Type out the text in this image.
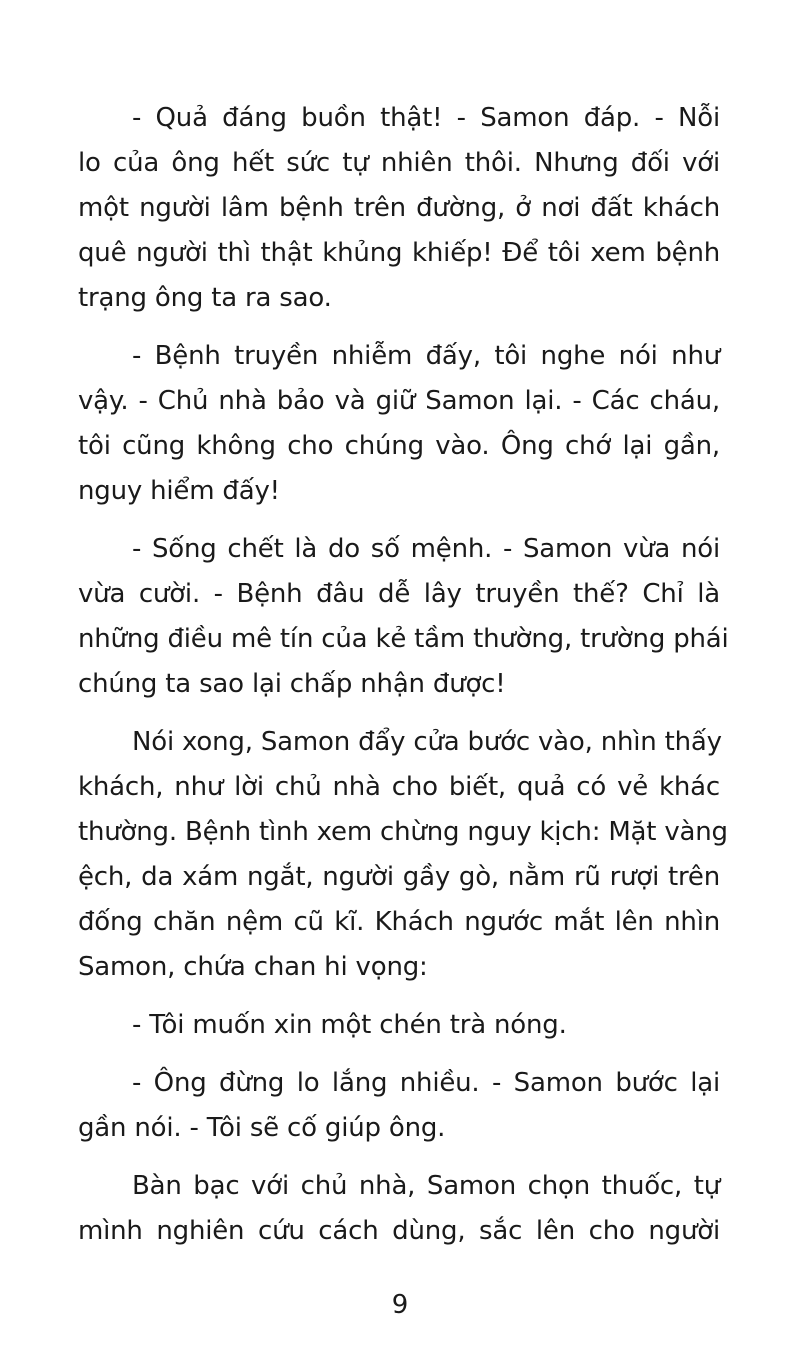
- Quả đáng buồn thật! - Samon đáp. - Nỗi
lo của ông hết sức tự nhiên thôi. Nhưng đối với
một người lâm bệnh trên đường, ở nơi đất khách
quê người thì thật khủng khiếp! Để tôi xem bệnh
trạng ông ta ra sao.
- Bệnh truyền nhiễm đấy, tôi nghe nói như
vậy. - Chủ nhà bảo và giữ Samon lại. - Các cháu,
tôi cũng không cho chúng vào. Ông chớ lại gần,
nguy hiểm đấy!
- Sống chết là do số mệnh. - Samon vừa nói
vừa cười. - Bệnh đâu dễ lây truyền thế? Chỉ là
những điều mê tín của kẻ tầm thường, trường phái
chúng ta sao lại chấp nhận được!
Nói xong, Samon đẩy cửa bước vào, nhìn thấy
khách, như lời chủ nhà cho biết, quả có vẻ khác
thường. Bệnh tình xem chừng nguy kịch: Mặt vàng
ệch, da xám ngắt, người gầy gò, nằm rũ rượi trên
đống chăn nệm cũ kĩ. Khách ngước mắt lên nhìn
Samon, chứa chan hi vọng:
- Tôi muốn xin một chén trà nóng.
- Ông đừng lo lắng nhiều. - Samon bước lại
gần nói. - Tôi sẽ cố giúp ông.
Bàn bạc với chủ nhà, Samon chọn thuốc, tự
mình nghiên cứu cách dùng, sắc lên cho người
9
